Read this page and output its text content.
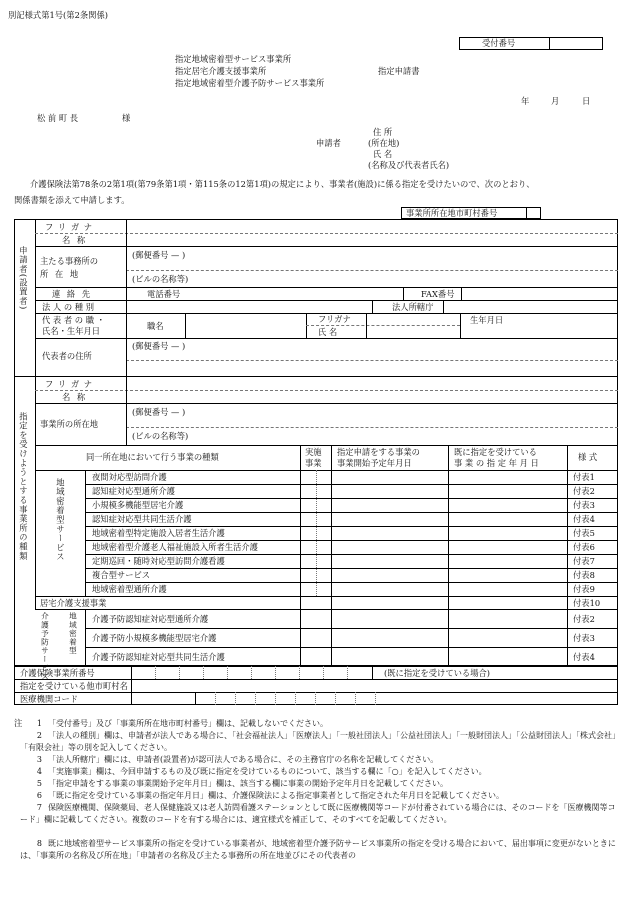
別記様式第1号(第2条関係)
受付番号
指定地域密着型サービス事業所
指定居宅介護支援事業所
指定地域密着型介護予防サービス事業所
指定申請書
年	月	日
松 前 町 長	様
住 所
申請者	(所在地)
氏 名
(名称及び代表者氏名)
介護保険法第78条の2第1項(第79条第1項・第115条の12第1項)の規定により、事業者(施設)に係る指定を受けたいので、次のとおり、
関係書類を添えて申請します。
事業所所在地市町村番号
申請者(設置者)
指定を受けようとする事業所の種類
フ リ ガ ナ
名 称
主たる事務所の
所 在 地
(郵便番号 — )
(ビルの名称等)
連 絡 先	電話番号	FAX番号
法 人 の 種 別	法人所轄庁
代 表 者 の 職 ・
氏名・生年月日	職名
フリガナ
氏 名
生年月日
代表者の住所
(郵便番号 — )
フ リ ガ ナ
名 称
事業所の所在地
(郵便番号 — )
(ビルの名称等)
同一所在地において行う事業の種類	実施
事業
指定申請をする事業の
事業開始予定年月日
既に指定を受けている
事 業 の 指 定 年 月 日
様 式
地域密着型サービス
夜間対応型訪問介護	付表1
認知症対応型通所介護	付表2
小規模多機能型居宅介護	付表3
認知症対応型共同生活介護	付表4
地域密着型特定施設入居者生活介護	付表5
地域密着型介護老人福祉施設入所者生活介護	付表6
定期巡回・随時対応型訪問介護看護	付表7
複合型サービス	付表8
地域密着型通所介護	付表9
居宅介護支援事業	付表10
介護予防サービス	地域密着型 介護予防認知症対応型通所介護	付表2
介護予防小規模多機能型居宅介護	付表3
介護予防認知症対応型共同生活介護	付表4
介護保険事業所番号
指定を受けている他市町村名
医療機関コード
(既に指定を受けている場合)
注	1 「受付番号」及び「事業所所在地市町村番号」欄は、記載しないでください。
2 「法人の種別」欄は、申請者が法人である場合に、「社会福祉法人」「医療法人」「一般社団法人」「公益社団法人」「一般財団法人」「公益財団法人」「株式会社」「有限会社」等の別を記入してください。
3 「法人所轄庁」欄には、申請者(設置者)が認可法人である場合に、その主務官庁の名称を記載してください。
4 「実施事業」欄は、今回申請するもの及び既に指定を受けているものについて、該当する欄に「○」を記入してください。
5 「指定申請をする事業の事業開始予定年月日」欄は、該当する欄に事業の開始予定年月日を記載してください。
6 「既に指定を受けている事業の指定年月日」欄は、介護保険法による指定事業者として指定された年月日を記載してください。
7 保険医療機関、保険薬局、老人保健施設又は老人訪問看護ステーションとして既に医療機関等コードが付番されている場合には、そのコードを「医療機関等コード」欄に記載してください。複数のコードを有する場合には、適宜様式を補正して、そのすべてを記載してください。
8 既に地域密着型サービス事業所の指定を受けている事業者が、地域密着型介護予防サービス事業所の指定を受ける場合において、届出事項に変更がないときには、「事業所の名称及び所在地」「申請者の名称及び主たる事務所の所在地並びにその代表者の
